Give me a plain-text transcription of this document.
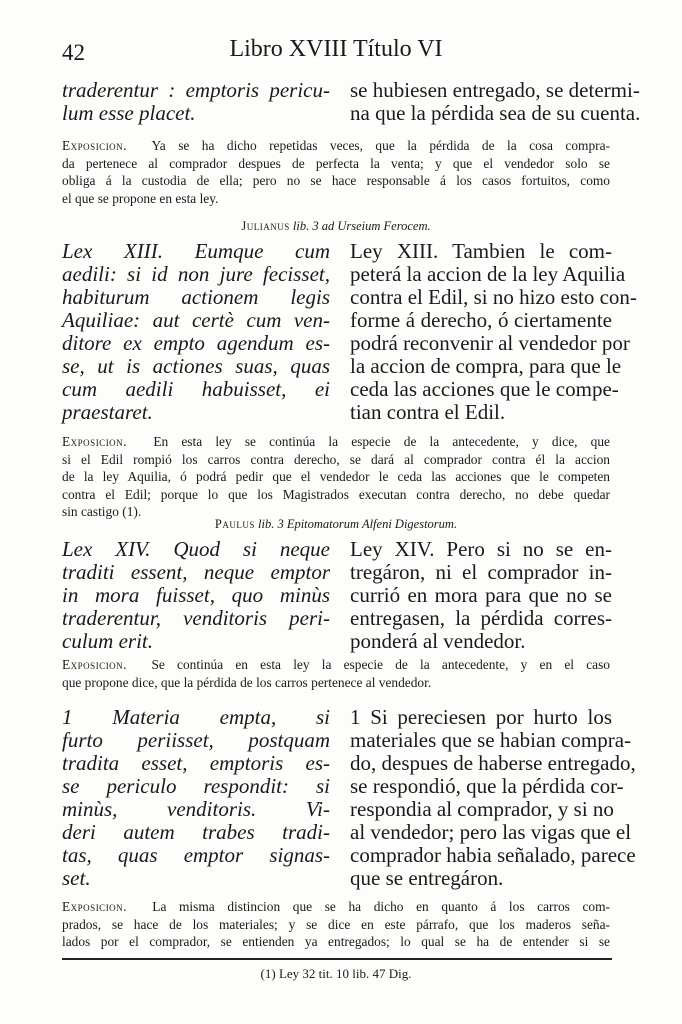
42	Libro XVIII Título VI
traderentur : emptoris pericu-
lum esse placet.
se hubiesen entregado, se determi-
na que la pérdida sea de su cuenta.
Exposicion. Ya se ha dicho repetidas veces, que la pérdida de la cosa compra-
da pertenece al comprador despues de perfecta la venta; y que el vendedor solo se
obliga á la custodia de ella; pero no se hace responsable á los casos fortuitos, como
el que se propone en esta ley.
Julianus lib. 3 ad Urseium Ferocem.
Lex XIII. Eumque cum
aedili: si id non jure fecisset,
habiturum actionem legis
Aquiliae: aut certè cum ven-
ditore ex empto agendum es-
se, ut is actiones suas, quas
cum aedili habuisset, ei
praestaret.
Ley XIII. Tambien le com-
peterá la accion de la ley Aquilia
contra el Edil, si no hizo esto con-
forme á derecho, ó ciertamente
podrá reconvenir al vendedor por
la accion de compra, para que le
ceda las acciones que le compe-
tian contra el Edil.
Exposicion. En esta ley se continúa la especie de la antecedente, y dice, que
si el Edil rompió los carros contra derecho, se dará al comprador contra él la accion
de la ley Aquilia, ó podrá pedir que el vendedor le ceda las acciones que le competen
contra el Edil; porque lo que los Magistrados executan contra derecho, no debe quedar
sin castigo (1).
Paulus lib. 3 Epitomatorum Alfeni Digestorum.
Lex XIV. Quod si neque
traditi essent, neque emptor
in mora fuisset, quo minùs
traderentur, venditoris peri-
culum erit.
Ley XIV. Pero si no se en-
tregáron, ni el comprador in-
currió en mora para que no se
entregasen, la pérdida corres-
ponderá al vendedor.
Exposicion. Se continúa en esta ley la especie de la antecedente, y en el caso
que propone dice, que la pérdida de los carros pertenece al vendedor.
1 Materia empta, si
furto periisset, postquam
tradita esset, emptoris es-
se periculo respondit: si
minùs, venditoris. Vi-
deri autem trabes tradi-
tas, quas emptor signas-
set.
1 Si pereciesen por hurto los
materiales que se habian compra-
do, despues de haberse entregado,
se respondió, que la pérdida cor-
respondia al comprador, y si no
al vendedor; pero las vigas que el
comprador habia señalado, parece
que se entregáron.
Exposicion. La misma distincion que se ha dicho en quanto á los carros com-
prados, se hace de los materiales; y se dice en este párrafo, que los maderos seña-
lados por el comprador, se entienden ya entregados; lo qual se ha de entender si se
(1) Ley 32 tit. 10 lib. 47 Dig.
